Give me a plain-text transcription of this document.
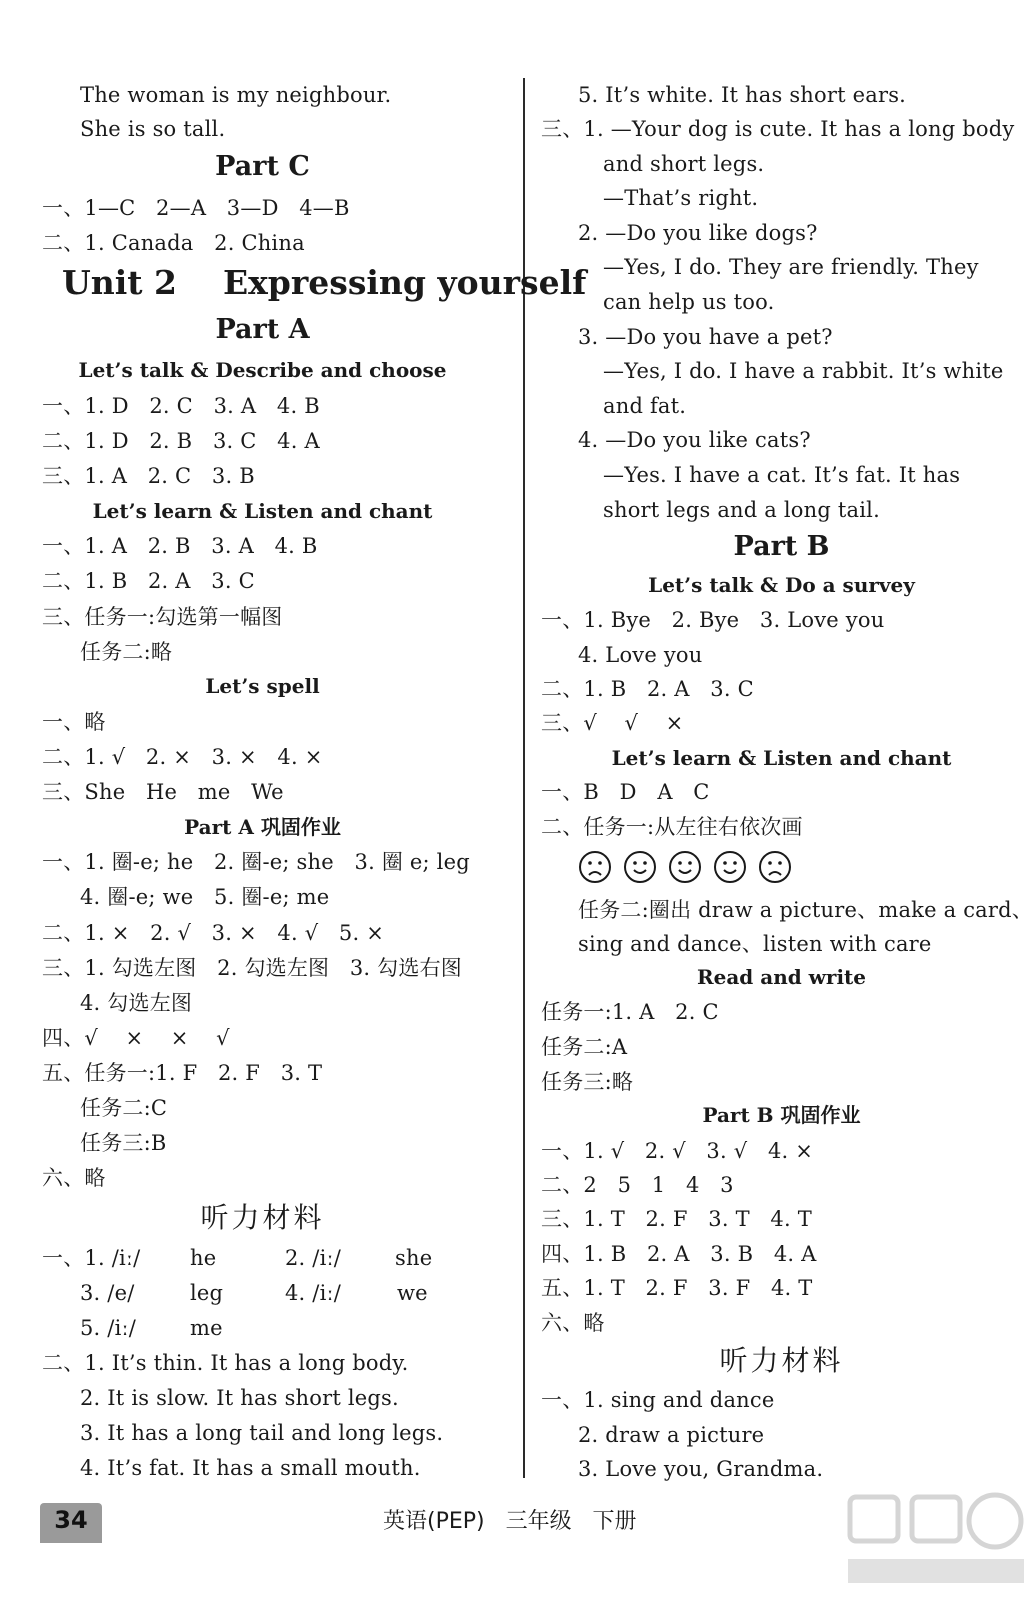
The woman is my neighbour.
She is so tall.
Part C
一、1—C   2—A   3—D   4—B
二、1. Canada   2. China
Unit 2    Expressing yourself
Part A
Let’s talk & Describe and choose
一、1. D   2. C   3. A   4. B
二、1. D   2. B   3. C   4. A
三、1. A   2. C   3. B
Let’s learn & Listen and chant
一、1. A   2. B   3. A   4. B
二、1. B   2. A   3. C
三、任务一:勾选第一幅图
任务二:略
Let’s spell
一、略
二、1. √   2. ×   3. ×   4. ×
三、She   He   me   We
Part A 巩固作业
一、1. 圈-e; he   2. 圈-e; she   3. 圈 e; leg
4. 圈-e; we   5. 圈-e; me
二、1. ×   2. √   3. ×   4. √   5. ×
三、1. 勾选左图   2. 勾选左图   3. 勾选右图
4. 勾选左图
四、√    ×    ×    √
五、任务一:1. F   2. F   3. T
任务二:C
任务三:B
六、略
听力材料
一、1. /iː/ he	2. /iː/	she
3. /e/	leg	4. /iː/	we
5. /iː/	me
二、1. It’s thin. It has a long body.
2. It is slow. It has short legs.
3. It has a long tail and long legs.
4. It’s fat. It has a small mouth.
5. It’s white. It has short ears.
三、1. —Your dog is cute. It has a long body
and short legs.
—That’s right.
2. —Do you like dogs?
—Yes, I do. They are friendly. They
can help us too.
3. —Do you have a pet?
—Yes, I do. I have a rabbit. It’s white
and fat.
4. —Do you like cats?
—Yes. I have a cat. It’s fat. It has
short legs and a long tail.
Part B
Let’s talk & Do a survey
一、1. Bye   2. Bye   3. Love you
4. Love you
二、1. B   2. A   3. C
三、√    √    ×
Let’s learn & Listen and chant
一、B   D   A   C
二、任务一:从左往右依次画
任务二:圈出 draw a picture、make a card、
sing and dance、listen with care
Read and write
任务一:1. A   2. C
任务二:A
任务三:略
Part B 巩固作业
一、1. √   2. √   3. √   4. ×
二、2   5   1   4   3
三、1. T   2. F   3. T   4. T
四、1. B   2. A   3. B   4. A
五、1. T   2. F   3. F   4. T
六、略
听力材料
一、1. sing and dance
2. draw a picture
3. Love you, Grandma.
34	英语(PEP)   三年级   下册
